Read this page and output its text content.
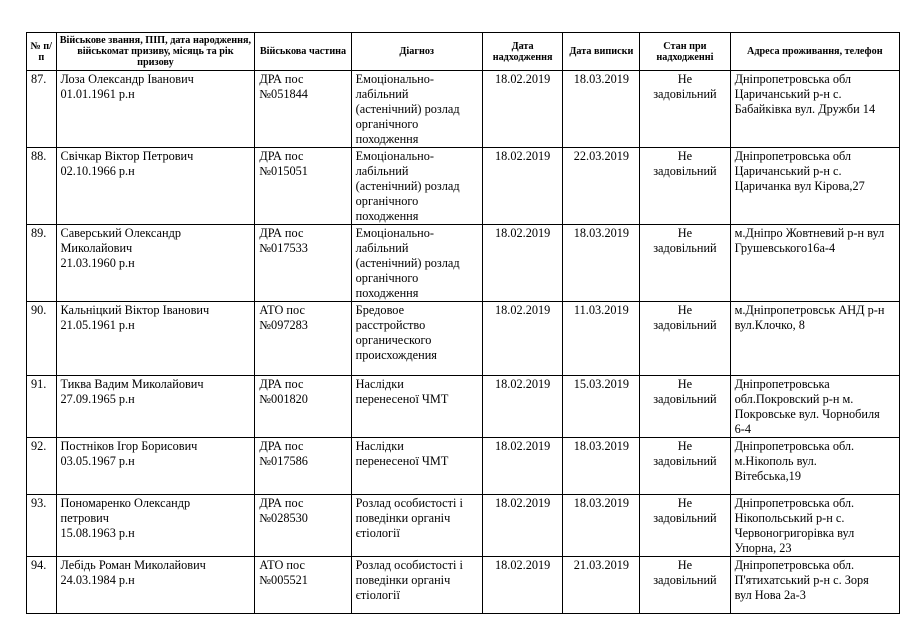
№ п/п	Військове звання, ПІП, дата народження, військомат призиву, місяць та рік призову	Військова частина	Діагноз	Дата надходження	Дата виписки	Стан при надходженні	Адреса проживання, телефон
87.	Лоза Олександр Іванович
01.01.1961 р.н	ДРА пос
№051844	Емоціонально-
лабільний
(астенічний) розлад
органічного
походження	18.02.2019	18.03.2019	Не
задовільний	Дніпропетровська обл
Царичанський р-н с.
Бабайківка вул. Дружби 14
88.	Свічкар Віктор Петрович
02.10.1966 р.н	ДРА пос
№015051	Емоціонально-
лабільний
(астенічний) розлад
органічного
походження	18.02.2019	22.03.2019	Не
задовільний	Дніпропетровська обл
Царичанський р-н с.
Царичанка вул Кірова,27
89.	Саверський Олександр
Миколайович
21.03.1960 р.н	ДРА пос
№017533	Емоціонально-
лабільний
(астенічний) розлад
органічного
походження	18.02.2019	18.03.2019	Не
задовільний	м.Дніпро Жовтневий р-н вул
Грушевського16а-4
90.	Кальніцкий Віктор Іванович
21.05.1961 р.н	АТО пос
№097283	Бредовое
расстройство
органического
происхождения	18.02.2019	11.03.2019	Не
задовільний	м.Дніпропетровськ АНД р-н
вул.Клочко, 8
91.	Тиква Вадим Миколайович
27.09.1965 р.н	ДРА пос
№001820	Наслідки
перенесеної ЧМТ	18.02.2019	15.03.2019	Не
задовільний	Дніпропетровська
обл.Покровский р-н м.
Покровське вул. Чорнобиля
6-4
92.	Постніков Ігор Борисович
03.05.1967 р.н	ДРА пос
№017586	Наслідки
перенесеної ЧМТ	18.02.2019	18.03.2019	Не
задовільний	Дніпропетровська обл.
м.Нікополь вул.
Вітебська,19
93.	Пономаренко Олександр
петрович
15.08.1963 р.н	ДРА пос
№028530	Розлад особистості і
поведінки органіч
єтіології	18.02.2019	18.03.2019	Не
задовільний	Дніпропетровська обл.
Нікопольський р-н с.
Червоногригорівка вул
Упорна, 23
94.	Лебідь Роман Миколайович
24.03.1984 р.н	АТО пос
№005521	Розлад особистості і
поведінки органіч
єтіології	18.02.2019	21.03.2019	Не
задовільний	Дніпропетровська обл.
П'ятихатський р-н с. Зоря
вул Нова 2а-3
